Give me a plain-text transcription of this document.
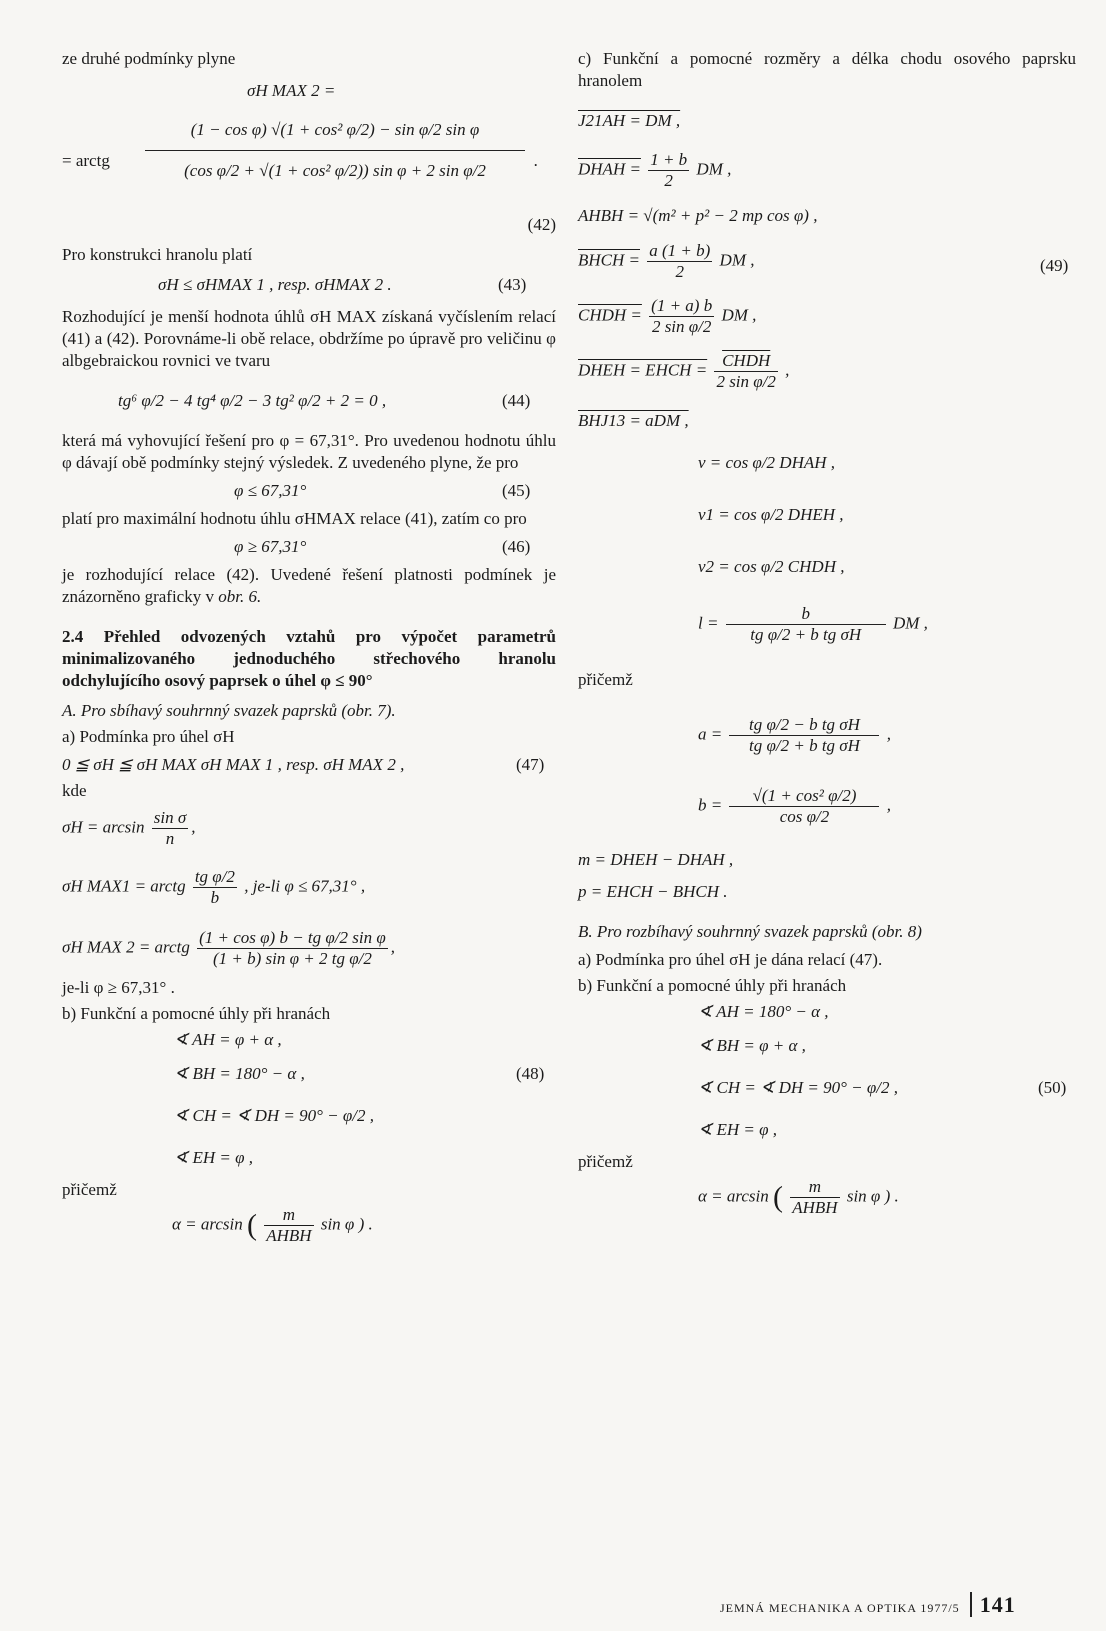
ze druhé podmínky plyne

σH MAX 2 =
= arctg $\frac{\text{(1 − cos φ) √(1 + cos² φ/2) − sin φ/2 sin φ}}{\text{(cos φ/2 + √(1 + cos² φ/2)) sin φ + 2 sin φ/2}}$ .
(42)

Pro konstrukci hranolu platí

σH ≤ σHMAX 1 , resp. σHMAX 2 .	(43)

Rozhodující je menší hodnota úhlů σH MAX získaná vyčíslením relací (41) a (42). Porovnáme-li obě relace, obdržíme po úpravě pro veličinu φ albgebraickou rovnici ve tvaru

tg⁶ φ/2 − 4 tg⁴ φ/2 − 3 tg² φ/2 + 2 = 0 ,	(44)

která má vyhovující řešení pro φ = 67,31°. Pro uvedenou hodnotu úhlu φ dávají obě podmínky stejný výsledek. Z uvedeného plyne, že pro

φ ≤ 67,31°	(45)

platí pro maximální hodnotu úhlu σHMAX relace (41), zatím co pro

φ ≥ 67,31°	(46)

je rozhodující relace (42). Uvedené řešení platnosti podmínek je znázorněno graficky v obr. 6.

2.4 Přehled odvozených vztahů pro výpočet parametrů minimalizovaného jednoduchého střechového hranolu odchylujícího osový paprsek o úhel φ ≤ 90°

A. Pro sbíhavý souhrnný svazek paprsků (obr. 7).

a) Podmínka pro úhel σH

0 ≦ σH ≦ σH MAX σH MAX 1 , resp. σH MAX 2 ,	(47)

kde

$\sigma H = \arcsin \frac{\text{sin σ}}{n}$ ,
σH MAX1 = arctg $\frac{\text{tg φ/2}}{b}$ , je-li φ ≤ 67,31° ,
σH MAX 2 = arctg $\frac{\text{(1 + cos φ) b − tg φ/2 sin φ}}{\text{(1 + b) sin φ + 2 tg φ/2}}$ ,

je-li φ ≥ 67,31° .

b) Funkční a pomocné úhly při hranách

∢ AH = φ + α ,
∢ BH = 180° − α ,
∢ CH = ∢ DH = 90° − φ/2 ,
∢ EH = φ ,
(48)

přičemž

α = arcsin ( $\frac{m}{\text{AHBH}}$ sin φ ) .

c) Funkční a pomocné rozměry a délka chodu osového paprsku hranolem

J21AH = DM ,
DHAH = $\frac{1 + b}{2}$ DM ,
AHBH = √(m² + p² − 2 mp cos φ) ,
BHCH = $\frac{a (1 + b)}{2}$ DM ,	(49)
CHDH = $\frac{(1 + a) b}{\text{2 sin φ/2}}$ DM ,
DHEH = EHCH = $\frac{\text{CHDH}}{\text{2 sin φ/2}}$ ,
BHJ13 = aDM ,
v = cos φ/2 DHAH ,
v1 = cos φ/2 DHEH ,
v2 = cos φ/2 CHDH ,
$l = \frac{b}{\text{tg φ/2 + b tg σH}}$ DM ,

přičemž

$a = \frac{\text{tg φ/2 − b tg σH}}{\text{tg φ/2 + b tg σH}}$ ,
$b = \frac{\text{√(1 + cos² φ/2)}}{\text{cos φ/2}}$ ,
m = DHEH − DHAH ,
p = EHCH − BHCH .

B. Pro rozbíhavý souhrnný svazek paprsků (obr. 8)

a) Podmínka pro úhel σH je dána relací (47).

b) Funkční a pomocné úhly při hranách

∢ AH = 180° − α ,
∢ BH = φ + α ,
∢ CH = ∢ DH = 90° − φ/2 ,
∢ EH = φ ,
(50)

přičemž

α = arcsin ( $\frac{m}{\text{AHBH}}$ sin φ ) .
JEMNÁ MECHANIKA A OPTIKA 1977/5 141
